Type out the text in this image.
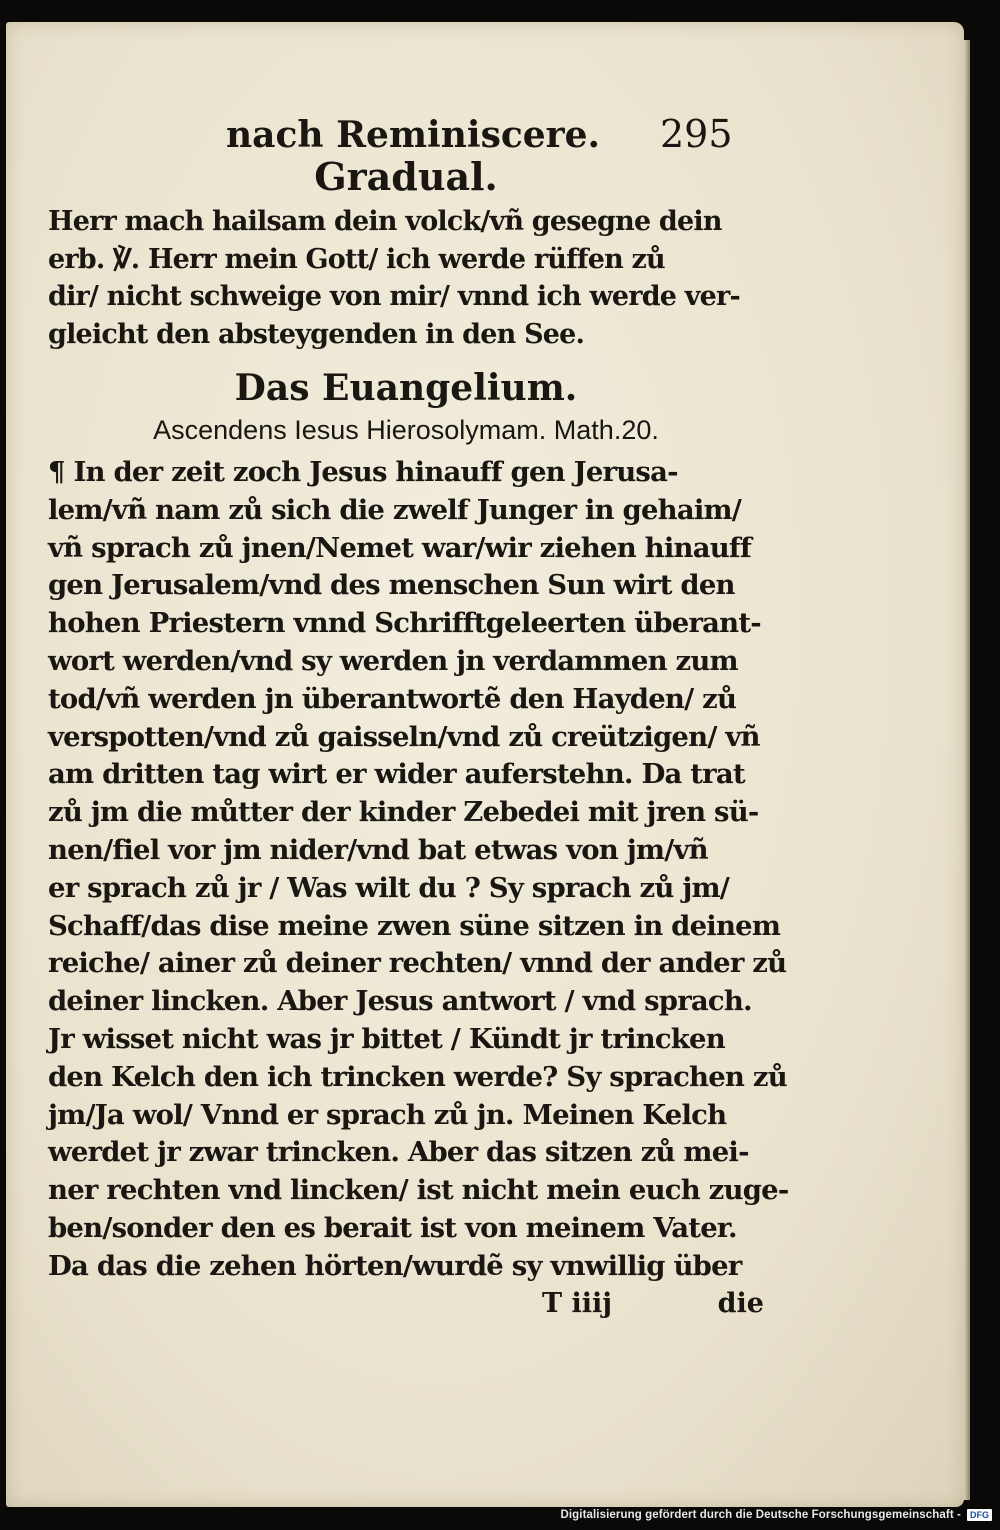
nach Reminiscere. 295
Gradual.
Herr mach hailsam dein volck/vñ gesegne dein
erb. ℣. Herr mein Gott/ ich werde rüffen zů
dir/ nicht schweige von mir/ vnnd ich werde ver-
gleicht den absteygenden in den See.
Das Euangelium.
Ascendens Iesus Hierosolymam. Math.20.
¶ In der zeit zoch Jesus hinauff gen Jerusa-
lem/vñ nam zů sich die zwelf Junger in gehaim/
vñ sprach zů jnen/Nemet war/wir ziehen hinauff
gen Jerusalem/vnd des menschen Sun wirt den
hohen Priestern vnnd Schrifftgeleerten überant-
wort werden/vnd sy werden jn verdammen zum
tod/vñ werden jn überantwortẽ den Hayden/ zů
verspotten/vnd zů gaisseln/vnd zů creützigen/ vñ
am dritten tag wirt er wider auferstehn. Da trat
zů jm die můtter der kinder Zebedei mit jren sü-
nen/fiel vor jm nider/vnd bat etwas von jm/vñ
er sprach zů jr / Was wilt du ? Sy sprach zů jm/
Schaff/das dise meine zwen süne sitzen in deinem
reiche/ ainer zů deiner rechten/ vnnd der ander zů
deiner lincken. Aber Jesus antwort / vnd sprach.
Jr wisset nicht was jr bittet / Kündt jr trincken
den Kelch den ich trincken werde? Sy sprachen zů
jm/Ja wol/ Vnnd er sprach zů jn. Meinen Kelch
werdet jr zwar trincken. Aber das sitzen zů mei-
ner rechten vnd lincken/ ist nicht mein euch zuge-
ben/sonder den es berait ist von meinem Vater.
Da das die zehen hörten/wurdẽ sy vnwillig über
T iiij	die
Digitalisierung gefördert durch die Deutsche Forschungsgemeinschaft -	DFG
